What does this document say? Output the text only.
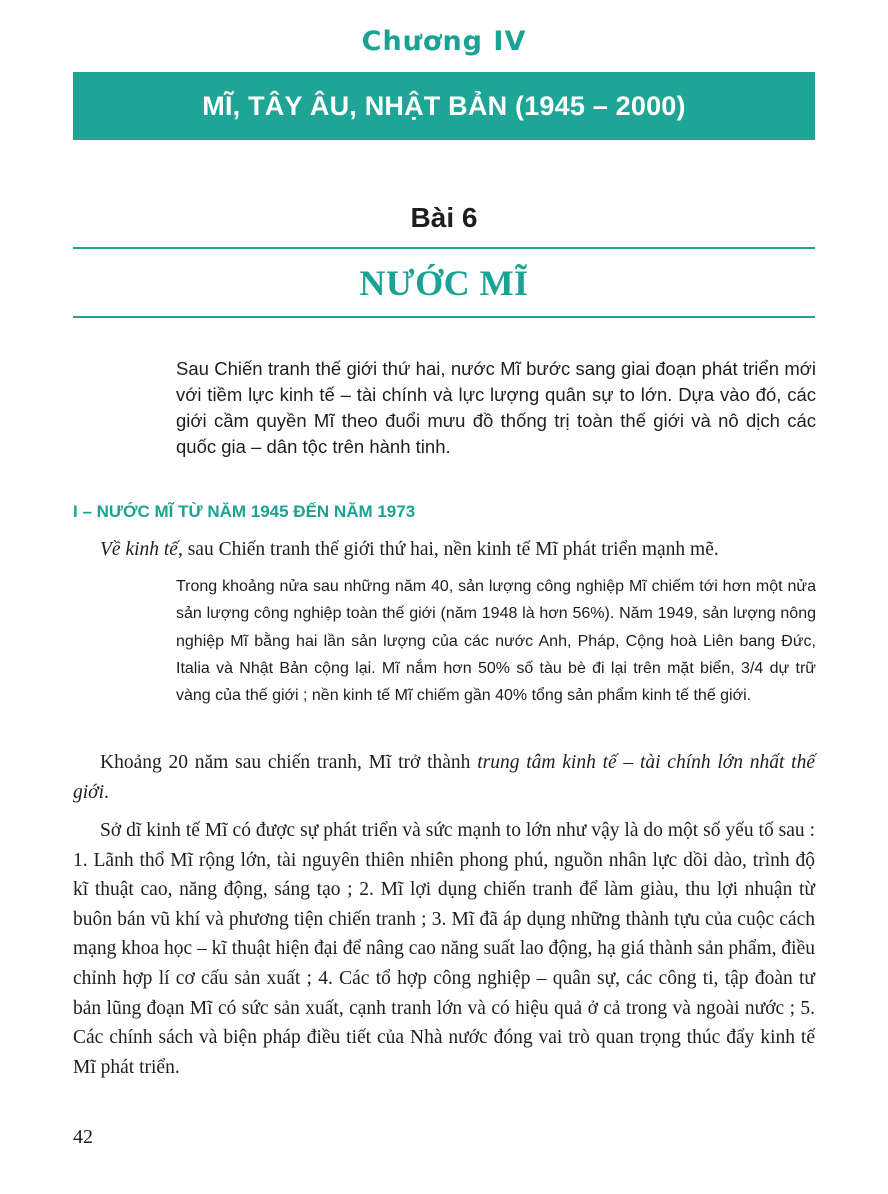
Chương IV
MĨ, TÂY ÂU, NHẬT BẢN (1945 – 2000)
Bài 6
NƯỚC MĨ

Sau Chiến tranh thế giới thứ hai, nước Mĩ bước sang giai đoạn phát triển mới với tiềm lực kinh tế – tài chính và lực lượng quân sự to lớn. Dựa vào đó, các giới cầm quyền Mĩ theo đuổi mưu đồ thống trị toàn thế giới và nô dịch các quốc gia – dân tộc trên hành tinh.

I – NƯỚC MĨ TỪ NĂM 1945 ĐẾN NĂM 1973

Về kinh tế, sau Chiến tranh thế giới thứ hai, nền kinh tế Mĩ phát triển mạnh mẽ.

Trong khoảng nửa sau những năm 40, sản lượng công nghiệp Mĩ chiếm tới hơn một nửa sản lượng công nghiệp toàn thế giới (năm 1948 là hơn 56%). Năm 1949, sản lượng nông nghiệp Mĩ bằng hai lần sản lượng của các nước Anh, Pháp, Cộng hoà Liên bang Đức, Italia và Nhật Bản cộng lại. Mĩ nắm hơn 50% số tàu bè đi lại trên mặt biển, 3/4 dự trữ vàng của thế giới ; nền kinh tế Mĩ chiếm gần 40% tổng sản phẩm kinh tế thế giới.

Khoảng 20 năm sau chiến tranh, Mĩ trở thành trung tâm kinh tế – tài chính lớn nhất thế giới.

Sở dĩ kinh tế Mĩ có được sự phát triển và sức mạnh to lớn như vậy là do một số yếu tố sau : 1. Lãnh thổ Mĩ rộng lớn, tài nguyên thiên nhiên phong phú, nguồn nhân lực dồi dào, trình độ kĩ thuật cao, năng động, sáng tạo ; 2. Mĩ lợi dụng chiến tranh để làm giàu, thu lợi nhuận từ buôn bán vũ khí và phương tiện chiến tranh ; 3. Mĩ đã áp dụng những thành tựu của cuộc cách mạng khoa học – kĩ thuật hiện đại để nâng cao năng suất lao động, hạ giá thành sản phẩm, điều chỉnh hợp lí cơ cấu sản xuất ; 4. Các tổ hợp công nghiệp – quân sự, các công ti, tập đoàn tư bản lũng đoạn Mĩ có sức sản xuất, cạnh tranh lớn và có hiệu quả ở cả trong và ngoài nước ; 5. Các chính sách và biện pháp điều tiết của Nhà nước đóng vai trò quan trọng thúc đẩy kinh tế Mĩ phát triển.

42
